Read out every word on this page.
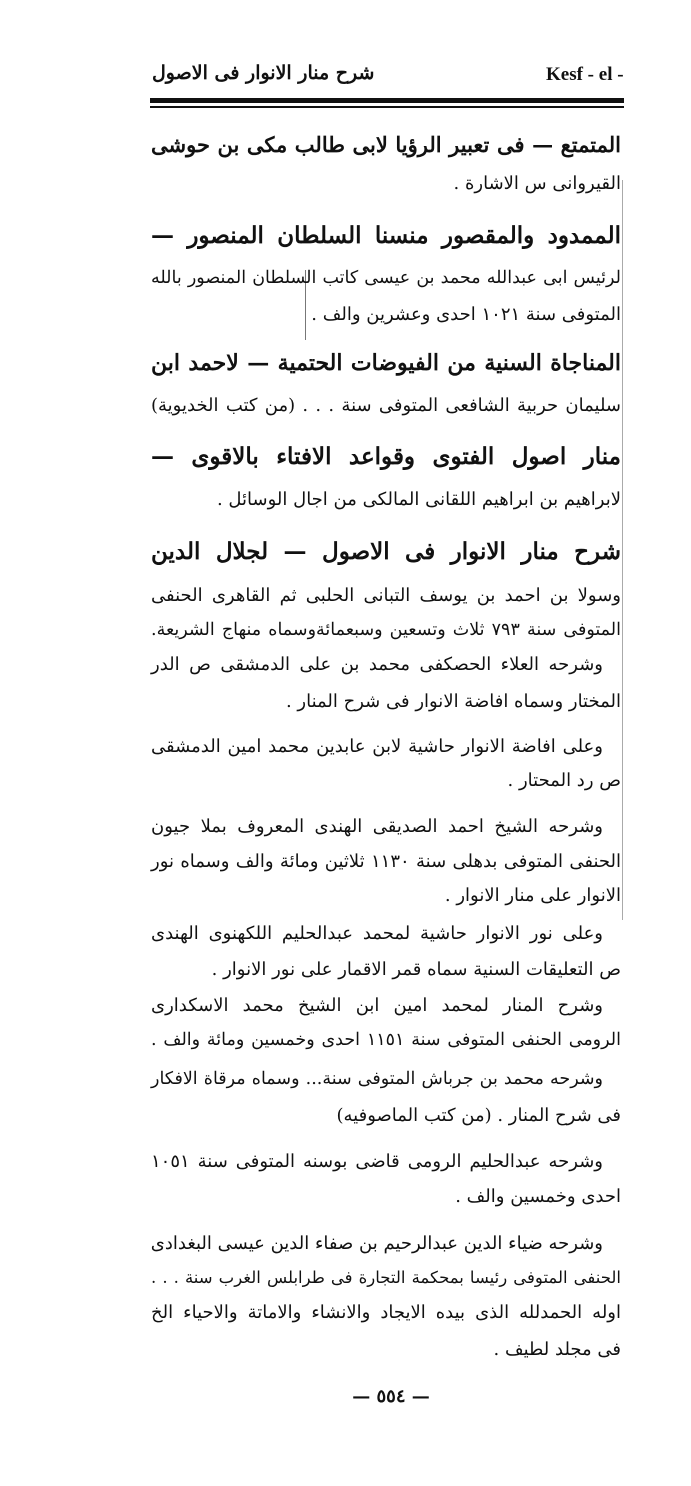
شرح منار الانوار فى الاصول	Kesf - el -
المتمتع — فى تعبير الرؤيا لابى طالب مكى بن حوشى
القيروانى س الاشارة .
الممدود والمقصور منسنا السلطان المنصور —
لرئيس ابى عبدالله محمد بن عيسى كاتب السلطان المنصور بالله
المتوفى سنة ١٠٢١ احدى وعشرين والف .
المناجاة السنية من الفيوضات الحتمية — لاحمد ابن
سليمان حربية الشافعى المتوفى سنة . . . (من كتب الخديوية)
منار اصول الفتوى وقواعد الافتاء بالاقوى —
لابراهيم بن ابراهيم اللقانى المالكى من اجال الوسائل .
شرح منار الانوار فى الاصول — لجلال الدين
وسولا بن احمد بن يوسف التبانى الحلبى ثم القاهرى الحنفى
المتوفى سنة ٧٩٣ ثلاث وتسعين وسبعمائةوسماه منهاج الشريعة.
وشرحه العلاء الحصكفى محمد بن على الدمشقى ص الدر
المختار وسماه افاضة الانوار فى شرح المنار .
وعلى افاضة الانوار حاشية لابن عابدين محمد امين الدمشقى
ص رد المحتار .
وشرحه الشيخ احمد الصديقى الهندى المعروف بملا جيون
الحنفى المتوفى بدهلى سنة ١١٣٠ ثلاثين ومائة والف وسماه نور
الانوار على منار الانوار .
وعلى نور الانوار حاشية لمحمد عبدالحليم اللكهنوى الهندى
ص التعليقات السنية سماه قمر الاقمار على نور الانوار .
وشرح المنار لمحمد امين ابن الشيخ محمد الاسكدارى
الرومى الحنفى المتوفى سنة ١١٥١ احدى وخمسين ومائة والف .
وشرحه محمد بن جرباش المتوفى سنة... وسماه مرقاة الافكار
فى شرح المنار . (من كتب الماصوفيه)
وشرحه عبدالحليم الرومى قاضى بوسنه المتوفى سنة ١٠٥١
احدى وخمسين والف .
وشرحه ضياء الدين عبدالرحيم بن صفاء الدين عيسى البغدادى
الحنفى المتوفى رئيسا بمحكمة التجارة فى طرابلس الغرب سنة . . .
اوله الحمدلله الذى بيده الايجاد والانشاء والاماتة والاحياء الخ
فى مجلد لطيف .
— ٥٥٤ —
